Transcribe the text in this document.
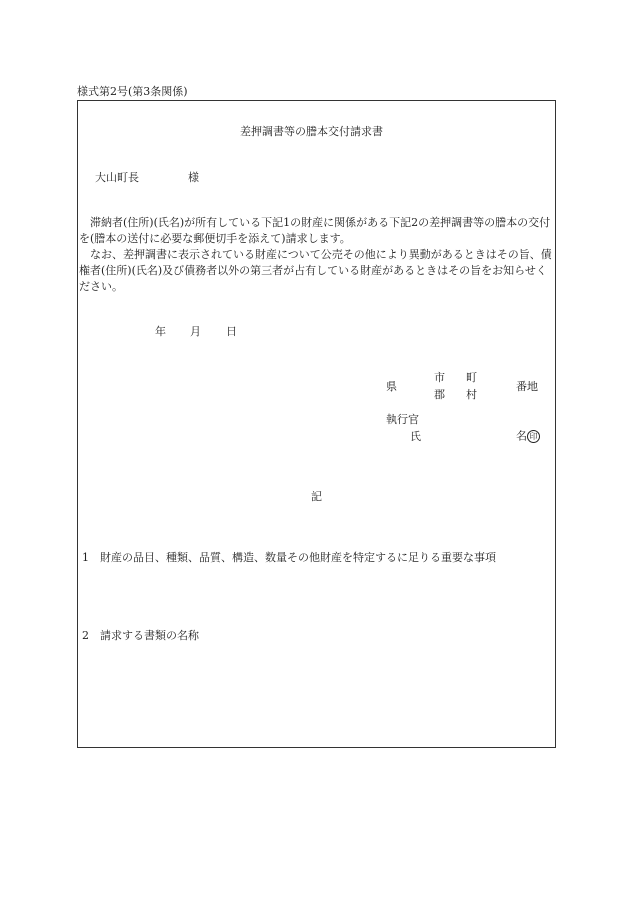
様式第2号(第3条関係)
差押調書等の謄本交付請求書
大山町長	様

滞納者(住所)(氏名)が所有している下記1の財産に関係がある下記2の差押調書等の謄本の交付を(謄本の送付に必要な郵便切手を添えて)請求します。

なお、差押調書に表示されている財産について公売その他により異動があるときはその旨、債権者(住所)(氏名)及び債務者以外の第三者が占有している財産があるときはその旨をお知らせください。

年 月 日
県
市
郡
町
村
番地
執行官
氏	名 印
記
1　財産の品目、種類、品質、構造、数量その他財産を特定するに足りる重要な事項
2　請求する書類の名称
